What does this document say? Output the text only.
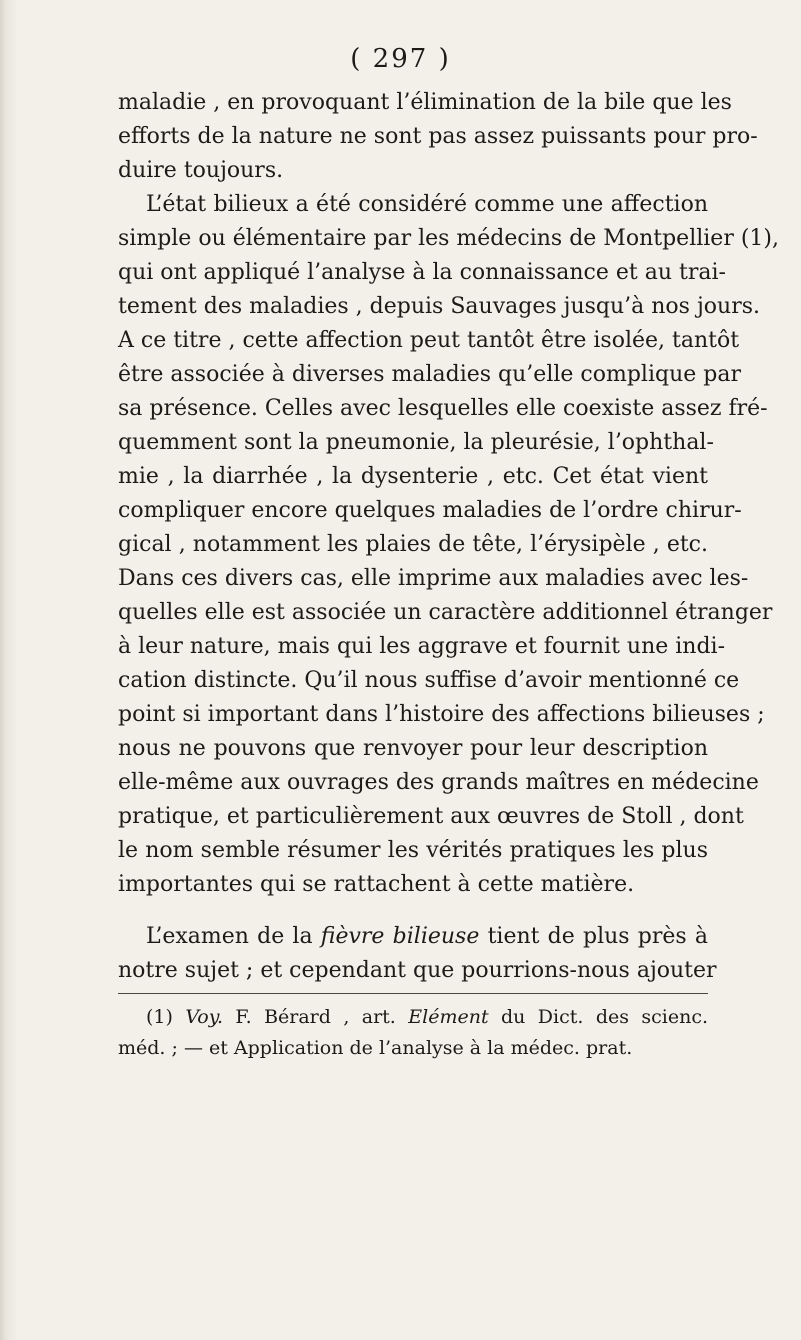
( 297 )
maladie , en provoquant l’élimination de la bile que les
efforts de la nature ne sont pas assez puissants pour pro-
duire toujours.
L’état bilieux a été considéré comme une affection
simple ou élémentaire par les médecins de Montpellier (1),
qui ont appliqué l’analyse à la connaissance et au trai-
tement des maladies , depuis Sauvages jusqu’à nos jours.
A ce titre , cette affection peut tantôt être isolée, tantôt
être associée à diverses maladies qu’elle complique par
sa présence. Celles avec lesquelles elle coexiste assez fré-
quemment sont la pneumonie, la pleurésie, l’ophthal-
mie , la diarrhée , la dysenterie , etc. Cet état vient
compliquer encore quelques maladies de l’ordre chirur-
gical , notamment les plaies de tête, l’érysipèle , etc.
Dans ces divers cas, elle imprime aux maladies avec les-
quelles elle est associée un caractère additionnel étranger
à leur nature, mais qui les aggrave et fournit une indi-
cation distincte. Qu’il nous suffise d’avoir mentionné ce
point si important dans l’histoire des affections bilieuses ;
nous ne pouvons que renvoyer pour leur description
elle-même aux ouvrages des grands maîtres en médecine
pratique, et particulièrement aux œuvres de Stoll , dont
le nom semble résumer les vérités pratiques les plus
importantes qui se rattachent à cette matière.
L’examen de la fièvre bilieuse tient de plus près à
notre sujet ; et cependant que pourrions-nous ajouter
(1) Voy. F. Bérard , art. Elément du Dict. des scienc.
méd. ; — et Application de l’analyse à la médec. prat.
